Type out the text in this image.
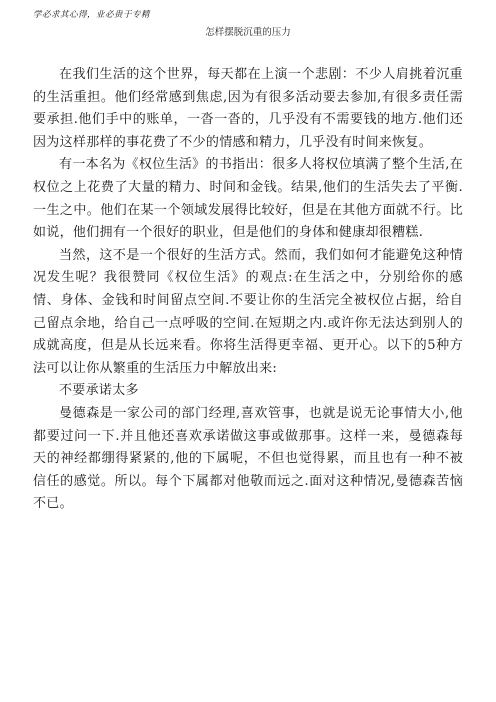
学必求其心得，业必贵于专精
怎样摆脱沉重的压力

在我们生活的这个世界，每天都在上演一个悲剧：不少人肩挑着沉重的生活重担。他们经常感到焦虑,因为有很多活动要去参加,有很多责任需要承担.他们手中的账单，一沓一沓的，几乎没有不需要钱的地方.他们还因为这样那样的事花费了不少的情感和精力，几乎没有时间来恢复。

有一本名为《权位生活》的书指出：很多人将权位填满了整个生活,在权位之上花费了大量的精力、时间和金钱。结果,他们的生活失去了平衡.一生之中。他们在某一个领域发展得比较好，但是在其他方面就不行。比如说，他们拥有一个很好的职业，但是他们的身体和健康却很糟糕.

当然，这不是一个很好的生活方式。然而，我们如何才能避免这种情况发生呢？我很赞同《权位生活》的观点:在生活之中，分别给你的感情、身体、金钱和时间留点空间.不要让你的生活完全被权位占据，给自己留点余地，给自己一点呼吸的空间.在短期之内.或许你无法达到别人的成就高度，但是从长远来看。你将生活得更幸福、更开心。以下的5种方法可以让你从繁重的生活压力中解放出来:

不要承诺太多

曼德森是一家公司的部门经理,喜欢管事，也就是说无论事情大小,他都要过问一下.并且他还喜欢承诺做这事或做那事。这样一来，曼德森每天的神经都绷得紧紧的,他的下属呢，不但也觉得累，而且也有一种不被信任的感觉。所以。每个下属都对他敬而远之.面对这种情况,曼德森苦恼不已。
